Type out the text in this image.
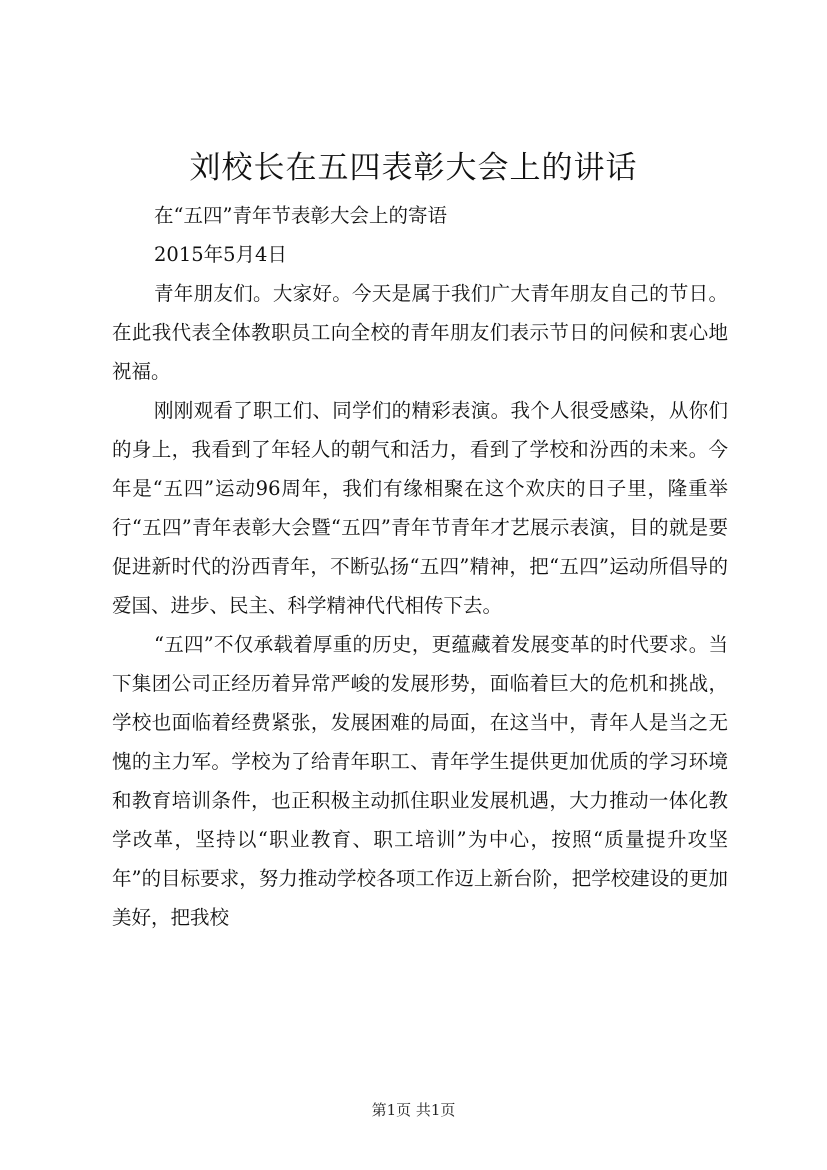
刘校长在五四表彰大会上的讲话
在“五四”青年节表彰大会上的寄语
2015年5月4日

青年朋友们。大家好。今天是属于我们广大青年朋友自己的节日。在此我代表全体教职员工向全校的青年朋友们表示节日的问候和衷心地祝福。

刚刚观看了职工们、同学们的精彩表演。我个人很受感染，从你们的身上，我看到了年轻人的朝气和活力，看到了学校和汾西的未来。今年是“五四”运动96周年，我们有缘相聚在这个欢庆的日子里，隆重举行“五四”青年表彰大会暨“五四”青年节青年才艺展示表演，目的就是要促进新时代的汾西青年，不断弘扬“五四”精神，把“五四”运动所倡导的爱国、进步、民主、科学精神代代相传下去。

“五四”不仅承载着厚重的历史，更蕴藏着发展变革的时代要求。当下集团公司正经历着异常严峻的发展形势，面临着巨大的危机和挑战，学校也面临着经费紧张，发展困难的局面，在这当中，青年人是当之无愧的主力军。学校为了给青年职工、青年学生提供更加优质的学习环境和教育培训条件，也正积极主动抓住职业发展机遇，大力推动一体化教学改革，坚持以“职业教育、职工培训”为中心，按照“质量提升攻坚年”的目标要求，努力推动学校各项工作迈上新台阶，把学校建设的更加美好，把我校

第1页 共1页
